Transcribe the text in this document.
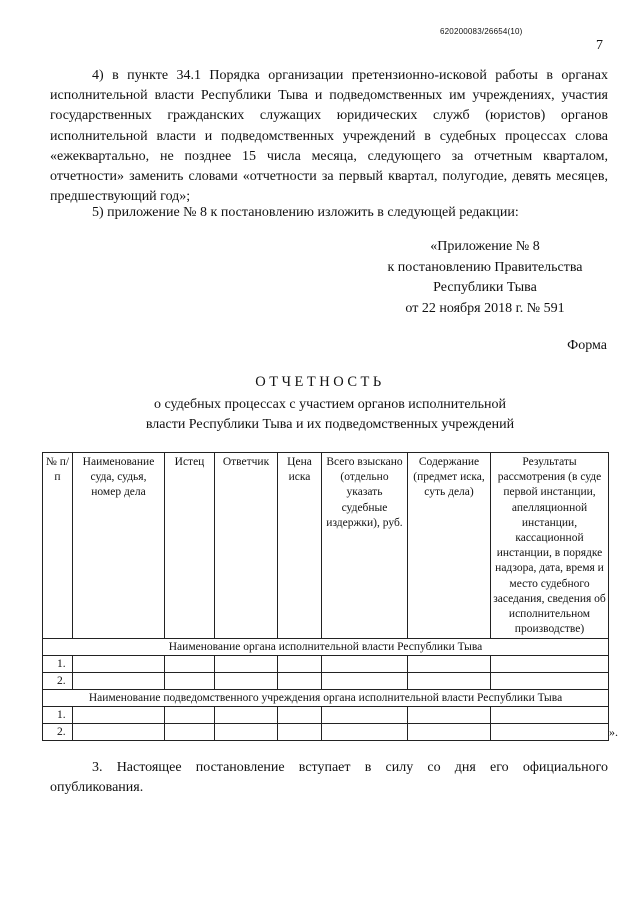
620200083/26654(10)
7

4) в пункте 34.1 Порядка организации претензионно-исковой работы в органах исполнительной власти Республики Тыва и подведомственных им учреждениях, участия государственных гражданских служащих юридических служб (юристов) органов исполнительной власти и подведомственных учреждений в судебных процессах слова «ежеквартально, не позднее 15 числа месяца, следующего за отчетным кварталом, отчетности» заменить словами «отчетности за первый квартал, полугодие, девять месяцев, предшествующий год»;

5) приложение № 8 к постановлению изложить в следующей редакции:

«Приложение № 8
к постановлению Правительства
Республики Тыва
от 22 ноября 2018 г. № 591
Форма
ОТЧЕТНОСТЬ
о судебных процессах с участием органов исполнительной
власти Республики Тыва и их подведомственных учреждений
№ п/п	Наименование суда, судья, номер дела	Истец	Ответчик	Цена иска	Всего взыскано (отдельно указать судебные издержки), руб.	Содержание (предмет иска, суть дела)	Результаты рассмотрения (в суде первой инстанции, апелляционной инстанции, кассационной инстанции, в порядке надзора, дата, время и место судебного заседания, сведения об исполнительном производстве)
Наименование органа исполнительной власти Республики Тыва							
1.							
2.							
Наименование подведомственного учреждения органа исполнительной власти Республики Тыва							
1.							
2.								».

3. Настоящее постановление вступает в силу со дня его официального опубликования.
